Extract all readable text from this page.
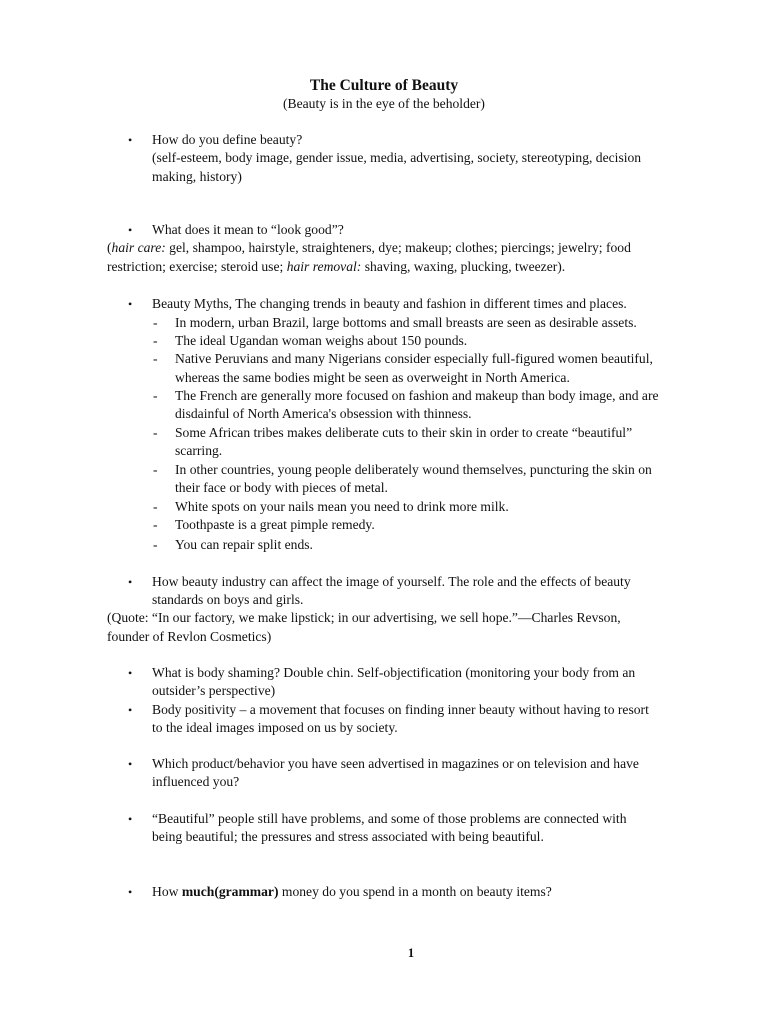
The Culture of Beauty
(Beauty is in the eye of the beholder)
• How do you define beauty?
(self-esteem, body image, gender issue, media, advertising, society, stereotyping, decision
making, history)
• What does it mean to “look good”?
(hair care: gel, shampoo, hairstyle, straighteners, dye; makeup; clothes; piercings; jewelry; food
restriction; exercise; steroid use; hair removal: shaving, waxing, plucking, tweezer).
• Beauty Myths, The changing trends in beauty and fashion in different times and places.
- In modern, urban Brazil, large bottoms and small breasts are seen as desirable assets.
- The ideal Ugandan woman weighs about 150 pounds.
- Native Peruvians and many Nigerians consider especially full-figured women beautiful,
whereas the same bodies might be seen as overweight in North America.
- The French are generally more focused on fashion and makeup than body image, and are
disdainful of North America's obsession with thinness.
- Some African tribes makes deliberate cuts to their skin in order to create “beautiful”
scarring.
- In other countries, young people deliberately wound themselves, puncturing the skin on
their face or body with pieces of metal.
- White spots on your nails mean you need to drink more milk.
- Toothpaste is a great pimple remedy.
- You can repair split ends.
• How beauty industry can affect the image of yourself. The role and the effects of beauty
standards on boys and girls.
(Quote: “In our factory, we make lipstick; in our advertising, we sell hope.”—Charles Revson,
founder of Revlon Cosmetics)
• What is body shaming? Double chin. Self-objectification (monitoring your body from an
outsider’s perspective)
• Body positivity – a movement that focuses on finding inner beauty without having to resort
to the ideal images imposed on us by society.
• Which product/behavior you have seen advertised in magazines or on television and have
influenced you?
• “Beautiful” people still have problems, and some of those problems are connected with
being beautiful; the pressures and stress associated with being beautiful.
• How much(grammar) money do you spend in a month on beauty items?
1
